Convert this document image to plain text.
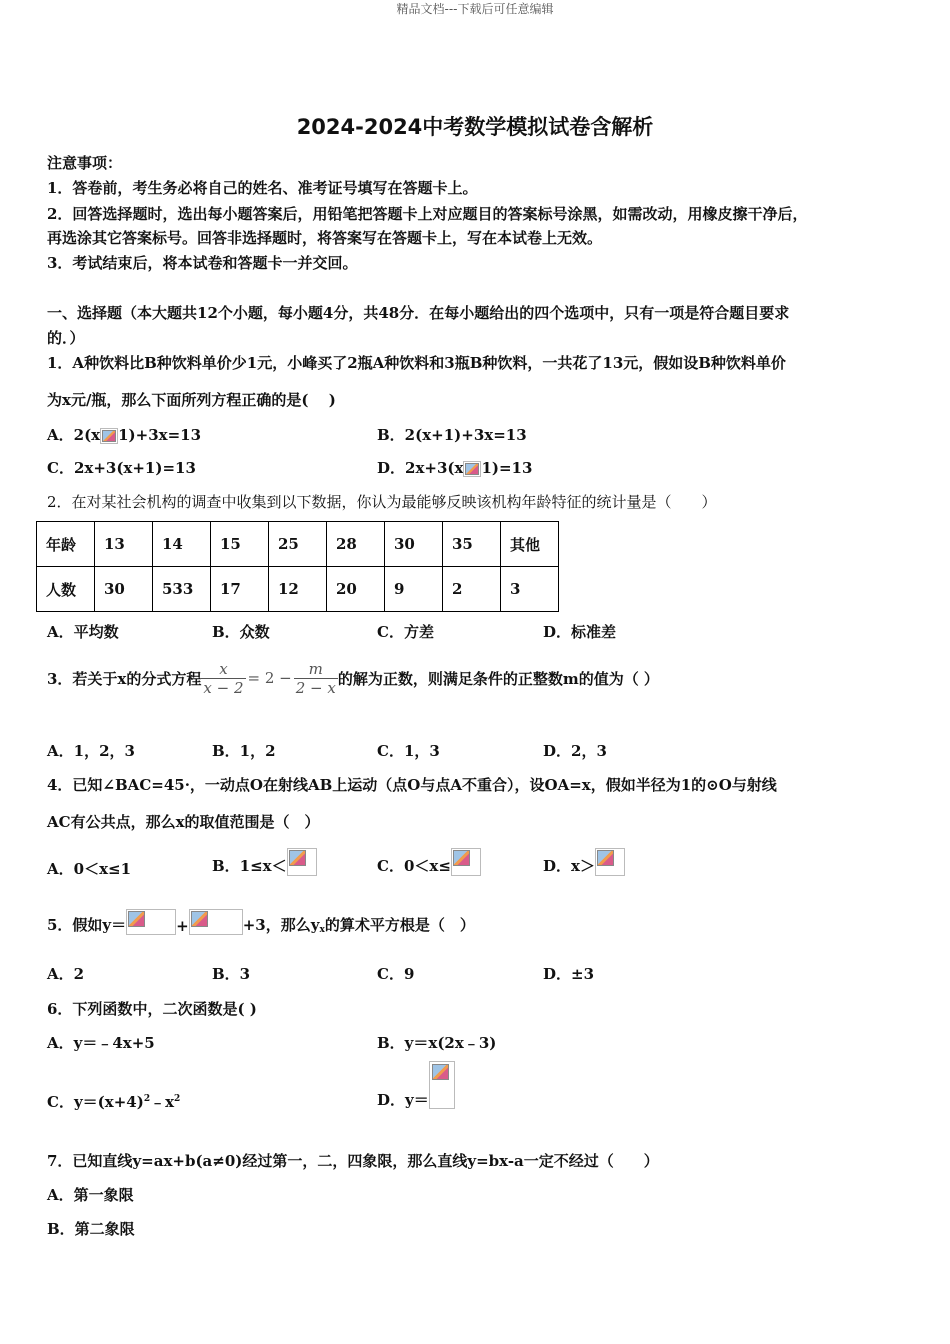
精品文档---下载后可任意编辑
2024-2024中考数学模拟试卷含解析
注意事项：
1．答卷前，考生务必将自己的姓名、准考证号填写在答题卡上。
2．回答选择题时，选出每小题答案后，用铅笔把答题卡上对应题目的答案标号涂黑，如需改动，用橡皮擦干净后，
再选涂其它答案标号。回答非选择题时，将答案写在答题卡上，写在本试卷上无效。
3．考试结束后，将本试卷和答题卡一并交回。
一、选择题（本大题共12个小题，每小题4分，共48分．在每小题给出的四个选项中，只有一项是符合题目要求
的．）
1．A种饮料比B种饮料单价少1元，小峰买了2瓶A种饮料和3瓶B种饮料，一共花了13元，假如设B种饮料单价
为x元/瓶，那么下面所列方程正确的是(　 )
A．2(x 1)+3x=13	B．2(x+1)+3x=13
C．2x+3(x+1)=13	D．2x+3(x 1)=13
2．在对某社会机构的调查中收集到以下数据，你认为最能够反映该机构年龄特征的统计量是（　　）
年龄	13	14	15	25	28	30	35	其他
人数	30	533	17	12	20	9	2	3
A．平均数	B．众数	C．方差	D．标准差
3．若关于x的分式方程 $\frac{x}{x - 2} = 2 - \frac{m}{2 - x}$ 的解为正数，则满足条件的正整数m的值为（ ）
A．1，2，3	B．1，2	C．1，3	D．2，3
4．已知∠BAC=45·，一动点O在射线AB上运动（点O与点A不重合），设OA=x，假如半径为1的⊙O与射线
AC有公共点，那么x的取值范围是（　）
A．0＜x≤1	B．1≤x＜	C．0＜x≤	D．x＞
5．假如y＝	+	+3，那么$y_x$ 的算术平方根是（　）
A．2	B．3	C．9	D．±3
6．下列函数中，二次函数是( )
A．y＝﹣4x+5	B．y＝x(2x﹣3)
C．$y=(x+4)^2﹣x^2$	D．y＝
7．已知直线y=ax+b(a≠0)经过第一，二，四象限，那么直线y=bx-a一定不经过（　　）
A．第一象限
B．第二象限
